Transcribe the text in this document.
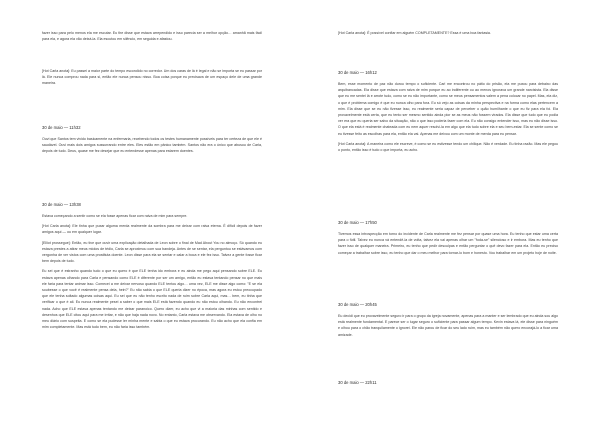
fazer isso para pelo menos ela me escutar. Eu the disse que estava arrependido e isso parecia ser a melhor opção… amanhã mais fácil para ela, e agora ela vão deixá-la. Ela escutou em silêncio, em seguida e afastou.

[Hot Carla anota]: Eu passei a maior parte do tempo escondido no corredor. Um dos caras de lá é legal e não se importa se eu passar por lá. Ele nunca comprou nada para si, então ele nunca pensou nisso. Boa coisa porque eu precisava de um espaço dele de uma grande maneira.

30 de maio — 11h32

Ouvi que Santos tem vivido basicamente na enfermaria, recebendo todos os testes humanamente possíveis para ter certeza de que ele é saudável. Ouvi mais dois amigos sussurrando entre eles. Eles estão em pânico também. Santos não era o único que abusou de Carla, depois de tudo. Deus, quase me fez desejar que eu entendesse apenas para estarem doentes.

30 de maio — 13h38

Estava começando a sentir como se ela fosse apenas ficar com raiva de mim para sempre.

[Hot Carla anota]: Ele tinha que puxar alguma merda realmente da sombra para me deixar com raiva eterna. É difícil depois de fazer amigos aqui — ou em qualquer lugar.

[Elliot prossegue]: Então, eu tive que ouvir uma explicação detalhada de Leon sobre o final de Mad About You no almoço. Só quando eu estava prestes a atirar meus miolos de tédio, Carla se aproximou com sua bandeja. Antes de se sentar, ela perguntou se estávamos com vergonha de ver vistos com uma prostituta doente. Leon disse para ela se sentar e calar a boca e ele fez isso. Talvez a gente fosse ficar bem depois de tudo.

Eu sei que é estranho quando tudo o que eu quero é que ELE tenha ido embora e eu ainda me pego aqui pensando sobre ELE. Eu estava apenas olhando para Carla e pensando como ELE é diferente por ser um amigo, então eu estava tentando pensar no que mais ele faria para tentar animar isso. Comecei a me deixar nervoso quando ELE tentou algo… uma vez, ELE me disse algo como: "E se ela soubesse o que você é realmente pensa dela, hein?" Eu não sabia o que ELE queria dizer no época, mas agora eu estou preocupado que ele tenha soltado algumas coisas aqui. Eu sei que eu não tenho escrito nada de ruim sobre Carla aqui, mas… bem, eu tinha que verificar o que é ali. Eu nunca realmente pesei a saber o que mais ELE está fazendo quando eu não estou olhando. Eu não encontrei nada. Acho que ELE estava apenas tentando me deixar paranoico. Quero dizer, eu acho que vi a maioria das minhas com sentido e desenhos que ELE citou aqui para me irritar, e não que haja nada novo. No entanto, Carla estava me observando. Ela estava de olho no meu diário com suspeita. E como se ela pudesse ler minha mente e sabia o que eu estava procurando. Eu não acho que ela confia em mim completamente. Mas está tudo bem, eu não faria isso também.

[Hot Carla anota]: É possível confiar em alguém COMPLETAMENTE? Essa é uma boa fantasia.

30 de maio — 16h12

Bem, esse momento de paz não durou tempo o suficiente. Carl me encontrou no pátio do prisão, ela me puxou para debaixo das arquibancadas. Ela disse que estava com raiva de mim porque eu ao indiferente ou ao menos ignorava um grande narcisista. Ela disse que eu me sentei lá e arrote tudo, como se eu não importante, como se meus pensamentos valem a pena colocar no papel. Mas, ela diz, o que é problema comigo é que eu nunca olho para fora. Eu só vejo as coisas da minha perspectiva e na forma como elas pertencem a mim. Ela disse que se eu não fizesse isso, eu realmente seria capaz de perceber o quão humilhante o que eu fiz para ela foi. Ela provavelmente está certa, que eu tento ser mesmo sentido ainda pior se as meus não fossem virados. Ela disse que tudo que eu podia ver era que eu queria ser salvo da situação, não o que isso poderia fazer com ela. Eu não consigo entender isso, mas eu não disse isso. O que ela está é realmente chateada com eu nem aquer resolvi-la em algo que ela tudo sobre ela e seu bem-estar. Ela se sente como se eu tivesse feito as escolhas para ela, então ela vai. Apenas me deixou com um monte de merda para eu pensar.

[Hot Carla anota]: A maneira como ele escreve, é como se eu estivesse tendo um chilique. Não é verdade. Eu tinha razão. Mas ele pegou o ponto, então isso é tudo o que importa, eu acho.

30 de maio — 17h50

Tivemos essa introspecção em torno do incidente de Carla realmente me fez pensar por quase uma hora. Eu tenho que estar uma certa para o fútil. Talvez eu nunca vá entendê-la de volta, talvez ela vai apenas olhar um "foda-se" silencioso e ir embora. Mas eu tenho que fazer isso de qualquer maneira. Primeiro, eu tenho que pedir desculpas e então perguntar o quê devo fazer para ela. Então eu preciso começar a trabalhar sobre isso, eu tenho que dar o meu melhor para tornar-lo bom e honesto. Vou trabalhar em um projeto hoje de noite.

30 de maio — 20h45

Eu decidi que eu provavelmente seguro ir para o grupo da igreja novamente, apenas para a manter e ser lembrado que eu ainda sou algo está realmente fundamental. E parece ser o lugar seguro o suficiente para passar algum tempo. Kevin estava lá, ele disse para ninguém e olhou para o chão tranquilamente o ignorei. Ele não parou de ficar do seu lado ruim, mas eu também não quero encorajá-lo a ficar uma amizade.

30 de maio — 22h11
